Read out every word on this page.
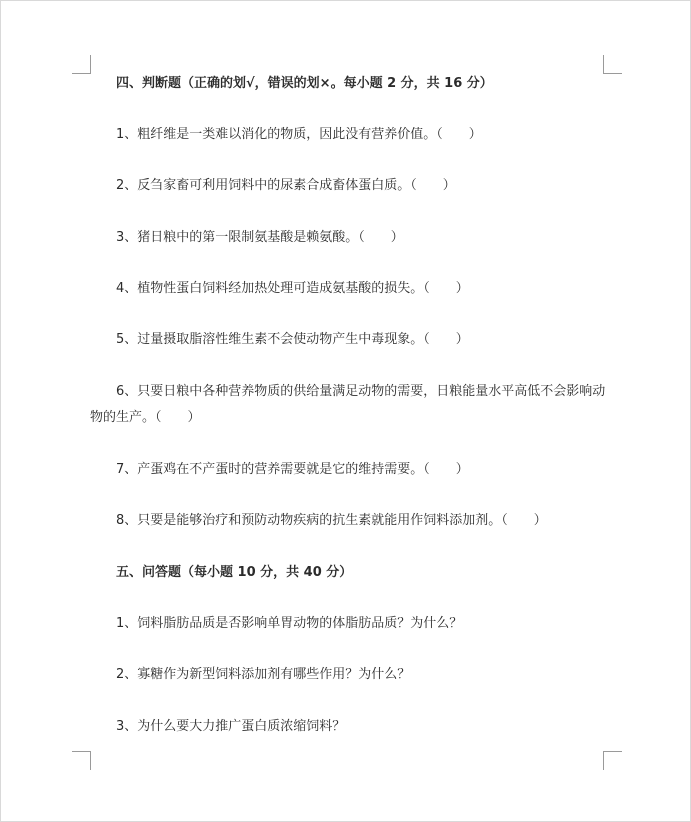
四、判断题（正确的划√，错误的划×。每小题 2 分，共 16 分）
1、粗纤维是一类难以消化的物质，因此没有营养价值。（　　）
2、反刍家畜可利用饲料中的尿素合成畜体蛋白质。（　　）
3、猪日粮中的第一限制氨基酸是赖氨酸。（　　）
4、植物性蛋白饲料经加热处理可造成氨基酸的损失。（　　）
5、过量摄取脂溶性维生素不会使动物产生中毒现象。（　　）
6、只要日粮中各种营养物质的供给量满足动物的需要，日粮能量水平高低不会影响动物的生产。（　　）
7、产蛋鸡在不产蛋时的营养需要就是它的维持需要。（　　）
8、只要是能够治疗和预防动物疾病的抗生素就能用作饲料添加剂。（　　）
五、问答题（每小题 10 分，共 40 分）
1、饲料脂肪品质是否影响单胃动物的体脂肪品质？为什么？
2、寡糖作为新型饲料添加剂有哪些作用？为什么？
3、为什么要大力推广蛋白质浓缩饲料？
